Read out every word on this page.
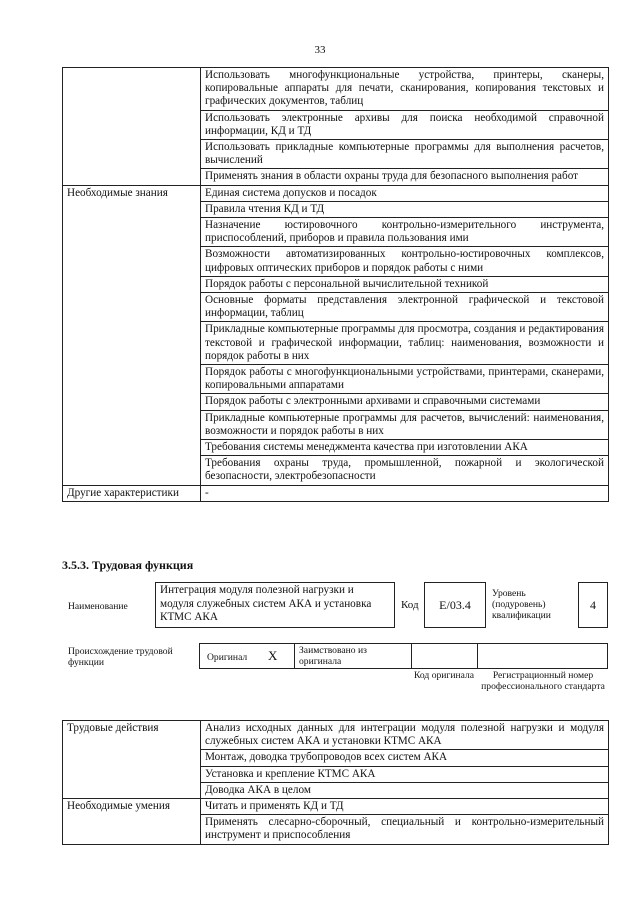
33
	Использовать многофункциональные устройства, принтеры, сканеры, копировальные аппараты для печати, сканирования, копирования текстовых и графических документов, таблиц
	Использовать электронные архивы для поиска необходимой справочной информации, КД и ТД
	Использовать прикладные компьютерные программы для выполнения расчетов, вычислений
	Применять знания в области охраны труда для безопасного выполнения работ
Необходимые знания	Единая система допусков и посадок
	Правила чтения КД и ТД
	Назначение юстировочного контрольно-измерительного инструмента, приспособлений, приборов и правила пользования ими
	Возможности автоматизированных контрольно-юстировочных комплексов, цифровых оптических приборов и порядок работы с ними
	Порядок работы с персональной вычислительной техникой
	Основные форматы представления электронной графической и текстовой информации, таблиц
	Прикладные компьютерные программы для просмотра, создания и редактирования текстовой и графической информации, таблиц: наименования, возможности и порядок работы в них
	Порядок работы с многофункциональными устройствами, принтерами, сканерами, копировальными аппаратами
	Порядок работы с электронными архивами и справочными системами
	Прикладные компьютерные программы для расчетов, вычислений: наименования, возможности и порядок работы в них
	Требования системы менеджмента качества при изготовлении АКА
	Требования охраны труда, промышленной, пожарной и экологической безопасности, электробезопасности
Другие характеристики	-
3.5.3. Трудовая функция
Наименование
Интеграция модуля полезной нагрузки и модуля служебных систем АКА и установка КТМС АКА
Код	E/03.4
Уровень (подуровень) квалификации
4
Происхождение трудовой функции	Оригинал X	Заимствовано из оригинала
Код оригинала	Регистрационный номер профессионального стандарта
Трудовые действия	Анализ исходных данных для интеграции модуля полезной нагрузки и модуля служебных систем АКА и установки КТМС АКА
	Монтаж, доводка трубопроводов всех систем АКА
	Установка и крепление КТМС АКА
	Доводка АКА в целом
Необходимые умения	Читать и применять КД и ТД
	Применять слесарно-сборочный, специальный и контрольно-измерительный инструмент и приспособления
